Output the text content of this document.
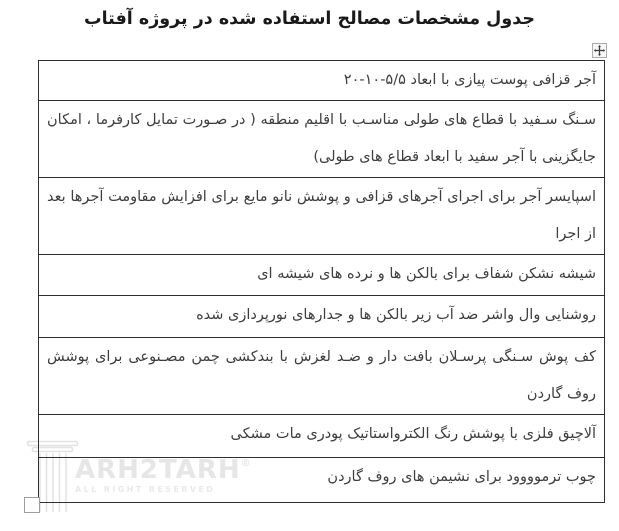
جدول مشخصات مصالح استفاده شده در پروژه آفتاب
ARH2TARH®
ALL RIGHT RESERVED
آجر قزافی پوست پیازی با ابعاد ۵/۵-۱۰-۲۰
سـنگ سـفید با قطاع های طولی مناسـب با اقلیم منطقه ( در صـورت تمایل کارفرما ، امکان جایگزینی با آجر سفید با ابعاد قطاع های طولی)
اسپایسر آجر برای اجرای آجرهای قزافی و پوشش نانو مایع برای افزایش مقاومت آجرها بعد از اجرا
شیشه نشکن شفاف برای بالکن ها و نرده های شیشه ای
روشنایی وال واشر ضد آب زیر بالکن ها و جدارهای نورپردازی شده
کف پوش سـنگی پرسـلان بافت دار و ضـد لغزش با بندکشی چمن مصـنوعی برای پوشش روف گاردن
آلاچیق فلزی با پوشش رنگ الکترواستاتیک پودری مات مشکی
چوب ترموووود برای نشیمن های روف گاردن
